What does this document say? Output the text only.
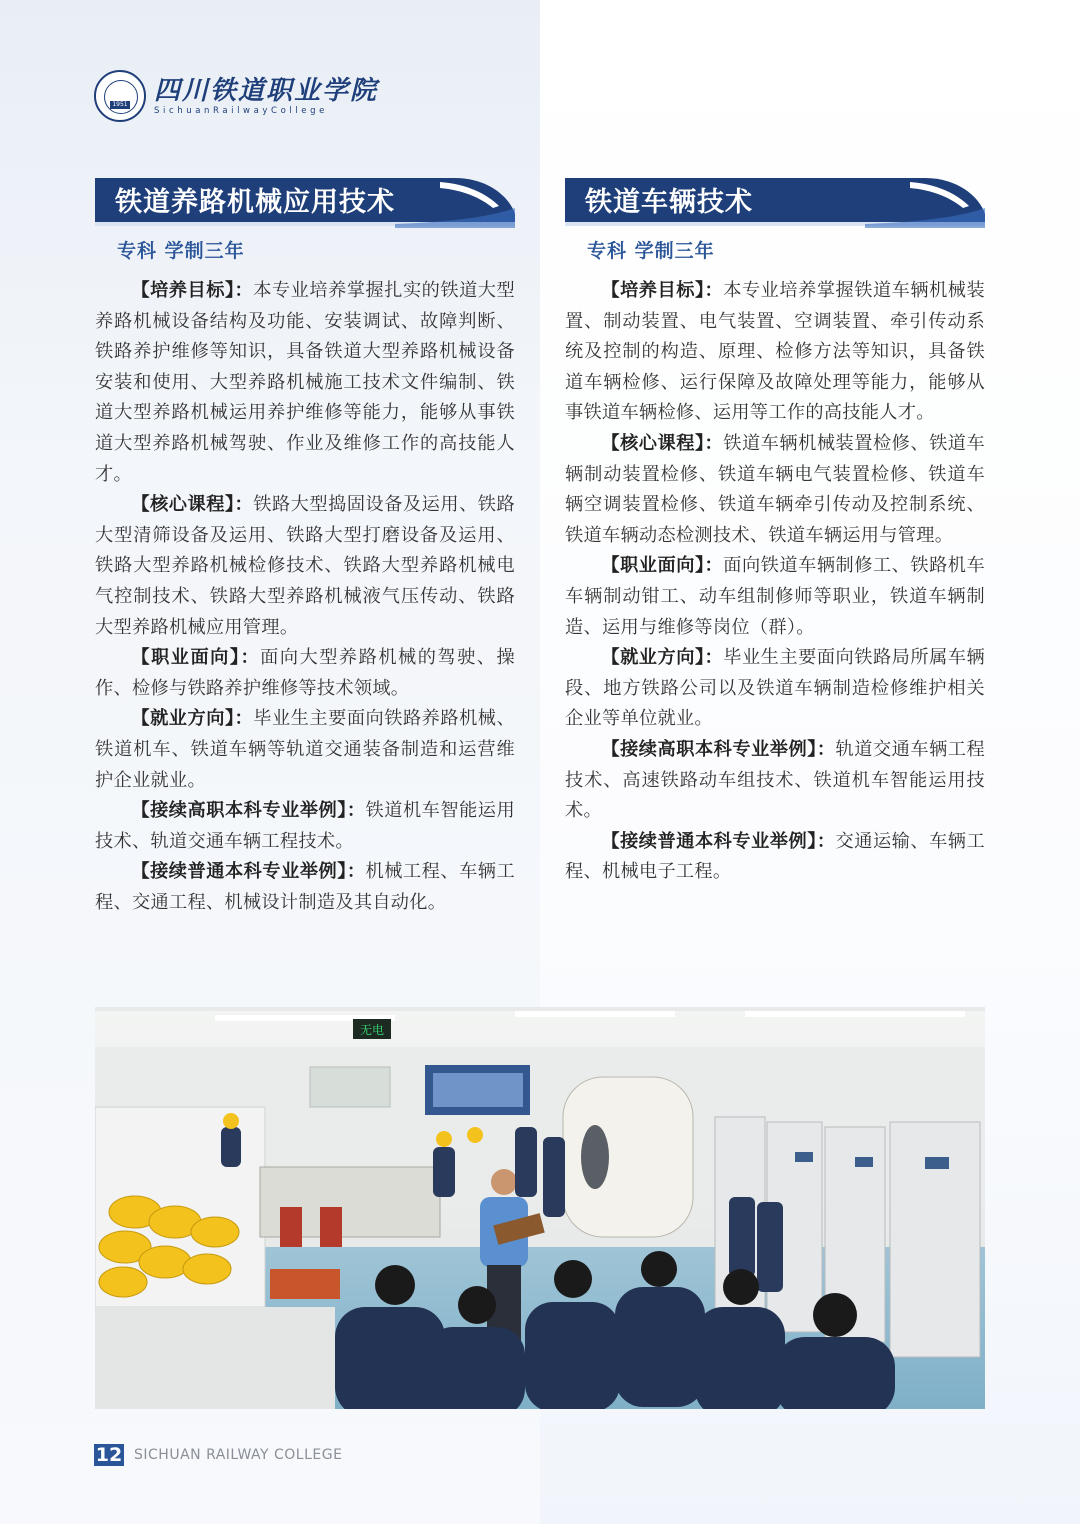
1951 四川铁道职业学院
SichuanRailwayCollege
铁道养路机械应用技术
专科 学制三年

【培养目标】：本专业培养掌握扎实的铁道大型养路机械设备结构及功能、安装调试、故障判断、铁路养护维修等知识，具备铁道大型养路机械设备安装和使用、大型养路机械施工技术文件编制、铁道大型养路机械运用养护维修等能力，能够从事铁道大型养路机械驾驶、作业及维修工作的高技能人才。

【核心课程】：铁路大型捣固设备及运用、铁路大型清筛设备及运用、铁路大型打磨设备及运用、铁路大型养路机械检修技术、铁路大型养路机械电气控制技术、铁路大型养路机械液气压传动、铁路大型养路机械应用管理。

【职业面向】：面向大型养路机械的驾驶、操作、检修与铁路养护维修等技术领域。

【就业方向】：毕业生主要面向铁路养路机械、铁道机车、铁道车辆等轨道交通装备制造和运营维护企业就业。

【接续高职本科专业举例】：铁道机车智能运用技术、轨道交通车辆工程技术。

【接续普通本科专业举例】：机械工程、车辆工程、交通工程、机械设计制造及其自动化。

铁道车辆技术
专科 学制三年

【培养目标】：本专业培养掌握铁道车辆机械装置、制动装置、电气装置、空调装置、牵引传动系统及控制的构造、原理、检修方法等知识，具备铁道车辆检修、运行保障及故障处理等能力，能够从事铁道车辆检修、运用等工作的高技能人才。

【核心课程】：铁道车辆机械装置检修、铁道车辆制动装置检修、铁道车辆电气装置检修、铁道车辆空调装置检修、铁道车辆牵引传动及控制系统、铁道车辆动态检测技术、铁道车辆运用与管理。

【职业面向】：面向铁道车辆制修工、铁路机车车辆制动钳工、动车组制修师等职业，铁道车辆制造、运用与维修等岗位（群）。

【就业方向】：毕业生主要面向铁路局所属车辆段、地方铁路公司以及铁道车辆制造检修维护相关企业等单位就业。

【接续高职本科专业举例】：轨道交通车辆工程技术、高速铁路动车组技术、铁道机车智能运用技术。

【接续普通本科专业举例】：交通运输、车辆工程、机械电子工程。

无电
12 SICHUAN RAILWAY COLLEGE
